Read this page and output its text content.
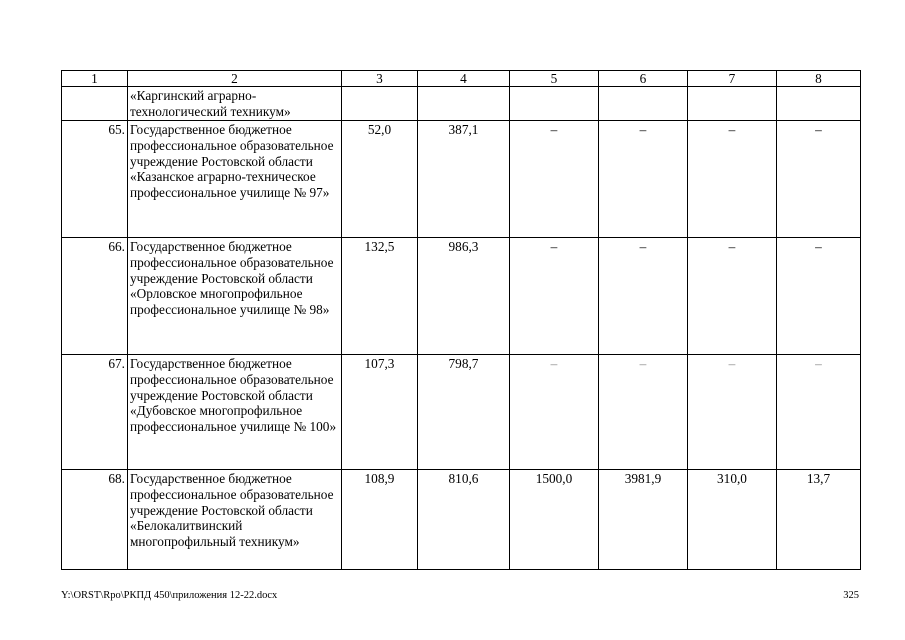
1	2	3	4	5	6	7	8
	«Каргинский аграрно-технологический техникум»						
65.	Государственное бюджетное профессиональное образовательное учреждение Ростовской области «Казанское аграрно-техническое профессиональное училище № 97»	52,0	387,1	–	–	–	–
66.	Государственное бюджетное профессиональное образовательное учреждение Ростовской области «Орловское многопрофильное профессиональное училище № 98»	132,5	986,3	–	–	–	–
67.	Государственное бюджетное профессиональное образовательное учреждение Ростовской области «Дубовское многопрофильное профессиональное училище № 100»	107,3	798,7	–	–	–	–
68.	Государственное бюджетное профессиональное образовательное учреждение Ростовской области «Белокалитвинский многопрофильный техникум»	108,9	810,6	1500,0	3981,9	310,0	13,7
Y:\ORST\Rpo\РКПД 450\приложения 12-22.docx	325
